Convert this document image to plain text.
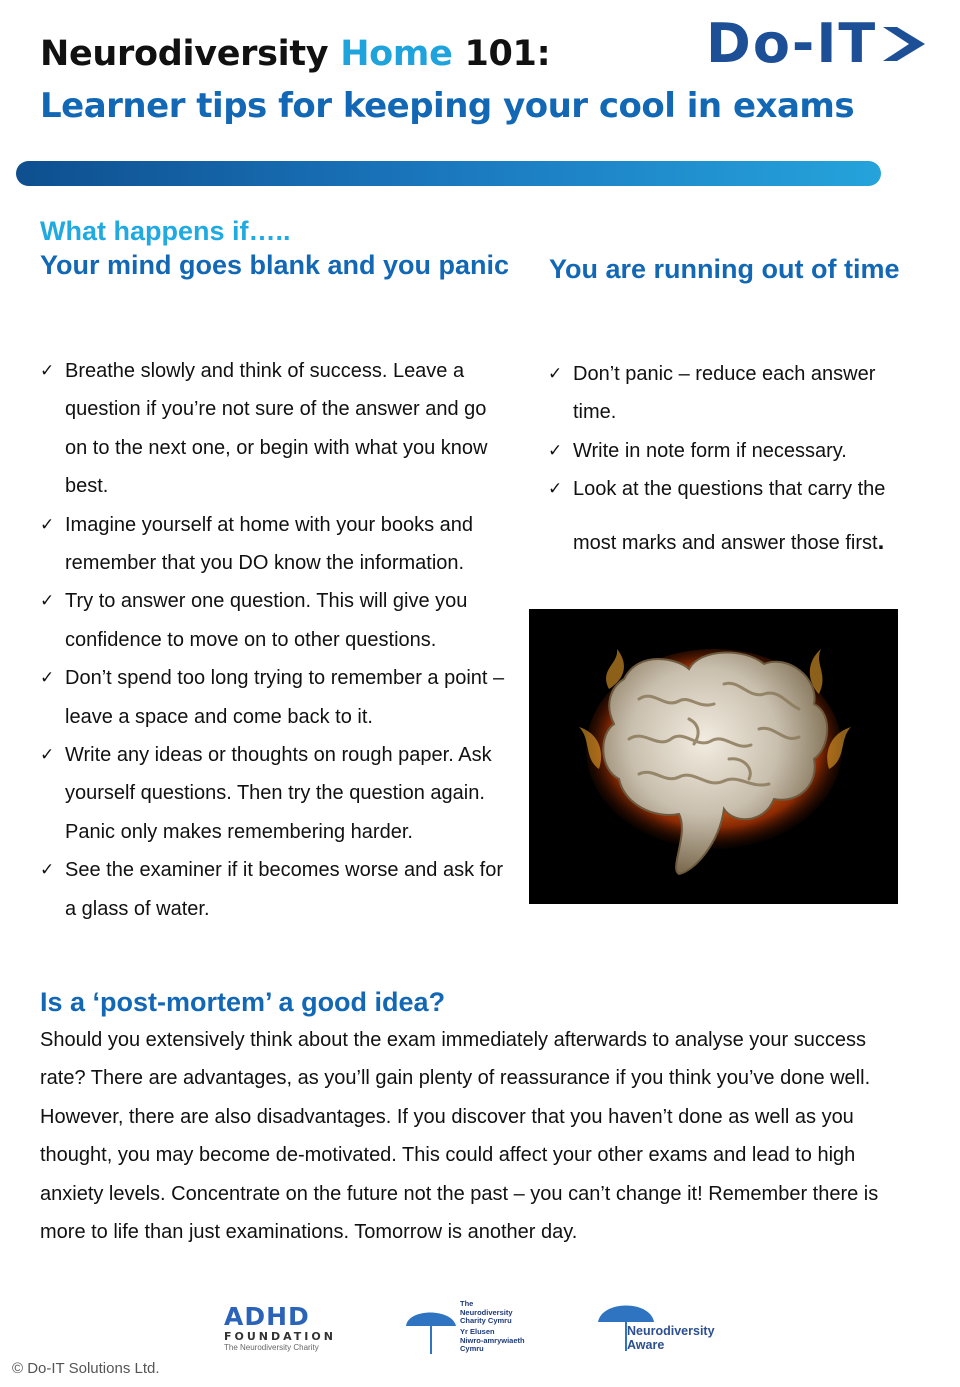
Neurodiversity Home 101:
Learner tips for keeping your cool in exams
Do-IT

What happens if…..

Your mind goes blank and you panic

✓ Breathe slowly and think of success. Leave a question if you’re not sure of the answer and go on to the next one, or begin with what you know best.
✓ Imagine yourself at home with your books and remember that you DO know the information.
✓ Try to answer one question. This will give you confidence to move on to other questions.
✓ Don’t spend too long trying to remember a point – leave a space and come back to it.
✓ Write any ideas or thoughts on rough paper. Ask yourself questions. Then try the question again. Panic only makes remembering harder.
✓ See the examiner if it becomes worse and ask for a glass of water.

You are running out of time

✓ Don’t panic – reduce each answer time.
✓ Write in note form if necessary.
✓ Look at the questions that carry the
most marks and answer those first.

Is a ‘post-mortem’ a good idea?

Should you extensively think about the exam immediately afterwards to analyse your success rate? There are advantages, as you’ll gain plenty of reassurance if you think you’ve done well. However, there are also disadvantages. If you discover that you haven’t done as well as you thought, you may become de-motivated. This could affect your other exams and lead to high anxiety levels. Concentrate on the future not the past – you can’t change it! Remember there is more to life than just examinations. Tomorrow is another day.

ADHD
FOUNDATION
The Neurodiversity Charity
The
Neurodiversity
Charity Cymru
Yr Elusen
Niwro-amrywiaeth
Cymru
Neurodiversity
Aware
© Do-IT Solutions Ltd.
